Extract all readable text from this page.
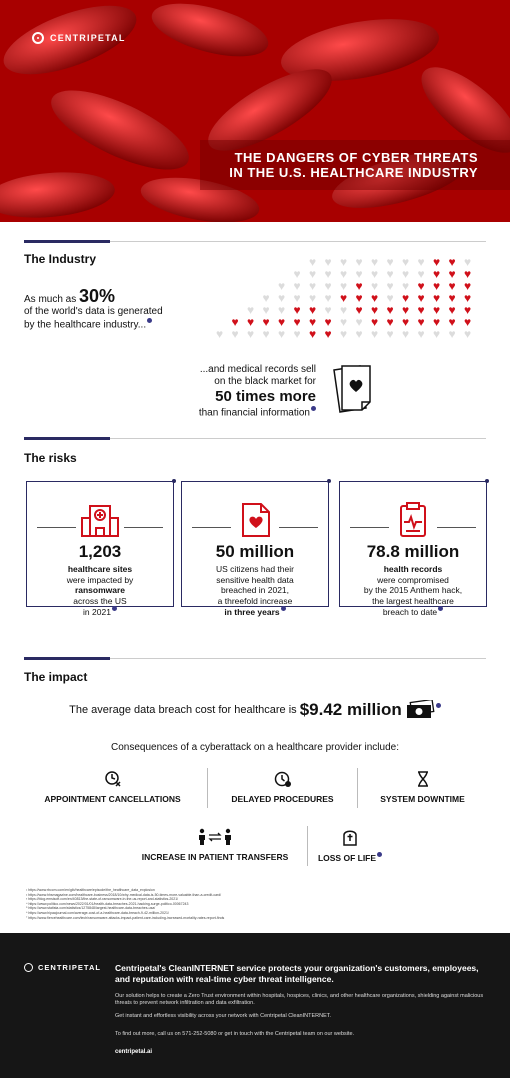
CENTRIPETAL
THE DANGERS OF CYBER THREATS
IN THE U.S. HEALTHCARE INDUSTRY
The Industry
As much as 30%
of the world's data is generated
by the healthcare industry...
♥ ♥ ♥ ♥ ♥ ♥ ♥ ♥ ♥ ♥ ♥
♥ ♥ ♥ ♥ ♥ ♥ ♥ ♥ ♥ ♥ ♥ ♥
♥ ♥ ♥ ♥ ♥ ♥ ♥ ♥ ♥ ♥ ♥ ♥ ♥
♥ ♥ ♥ ♥ ♥ ♥ ♥ ♥ ♥ ♥ ♥ ♥ ♥ ♥
♥ ♥ ♥ ♥ ♥ ♥ ♥ ♥ ♥ ♥ ♥ ♥ ♥ ♥ ♥
♥ ♥ ♥ ♥ ♥ ♥ ♥ ♥ ♥ ♥ ♥ ♥ ♥ ♥ ♥ ♥
♥ ♥ ♥ ♥ ♥ ♥ ♥ ♥ ♥ ♥ ♥ ♥ ♥ ♥ ♥ ♥ ♥
...and medical records sell
on the black market for
50 times more
than financial information
The risks
1,203
healthcare sites
were impacted by
ransomware
across the US
in 2021
50 million
US citizens had their
sensitive health data
breached in 2021,
a threefold increase
in three years
78.8 million
health records
were compromised
by the 2015 Anthem hack,
the largest healthcare
breach to date
The impact
The average data breach cost for healthcare is $9.42 million
Consequences of a cyberattack on a healthcare provider include:
APPOINTMENT CANCELLATIONS	DELAYED PROCEDURES	SYSTEM DOWNTIME
INCREASE IN PATIENT TRANSFERS	LOSS OF LIFE
¹ https://www.rbccm.com/en/gib/healthcare/episode/the_healthcare_data_explosion
² https://www.hhsmagazine.com/healthcare-business/2018/10/why-medical-data-is-50-times-more-valuable-than-a-credit-card/
³ https://blog.emsisoft.com/en/40813/the-state-of-ransomware-in-the-us-report-and-statistics-2021/
⁴ https://www.politico.com/news/2022/01/01/health-data-breaches-2021-hacking-surge-politico-00067243
⁵ https://www.statista.com/statistics/1275848/largest-healthcare-data-breaches-usa/
⁶ https://www.hipaajournal.com/average-cost-of-a-healthcare-data-breach-9-42-million-2021/
⁷ https://www.fiercehealthcare.com/tech/ransomware-attacks-impact-patient-care-including-increased-mortality-rates-report-finds
CENTRIPETAL Centripetal's CleanINTERNET service protects your organization's customers, employees, and reputation with real-time cyber threat intelligence.
Our solution helps to create a Zero Trust environment within hospitals, hospices, clinics, and other healthcare organizations, shielding against malicious threats to prevent network infiltration and data exfiltration.
Get instant and effortless visibility across your network with Centripetal CleanINTERNET.
To find out more, call us on 571-252-5080 or get in touch with the Centripetal team on our website.
centripetal.ai
